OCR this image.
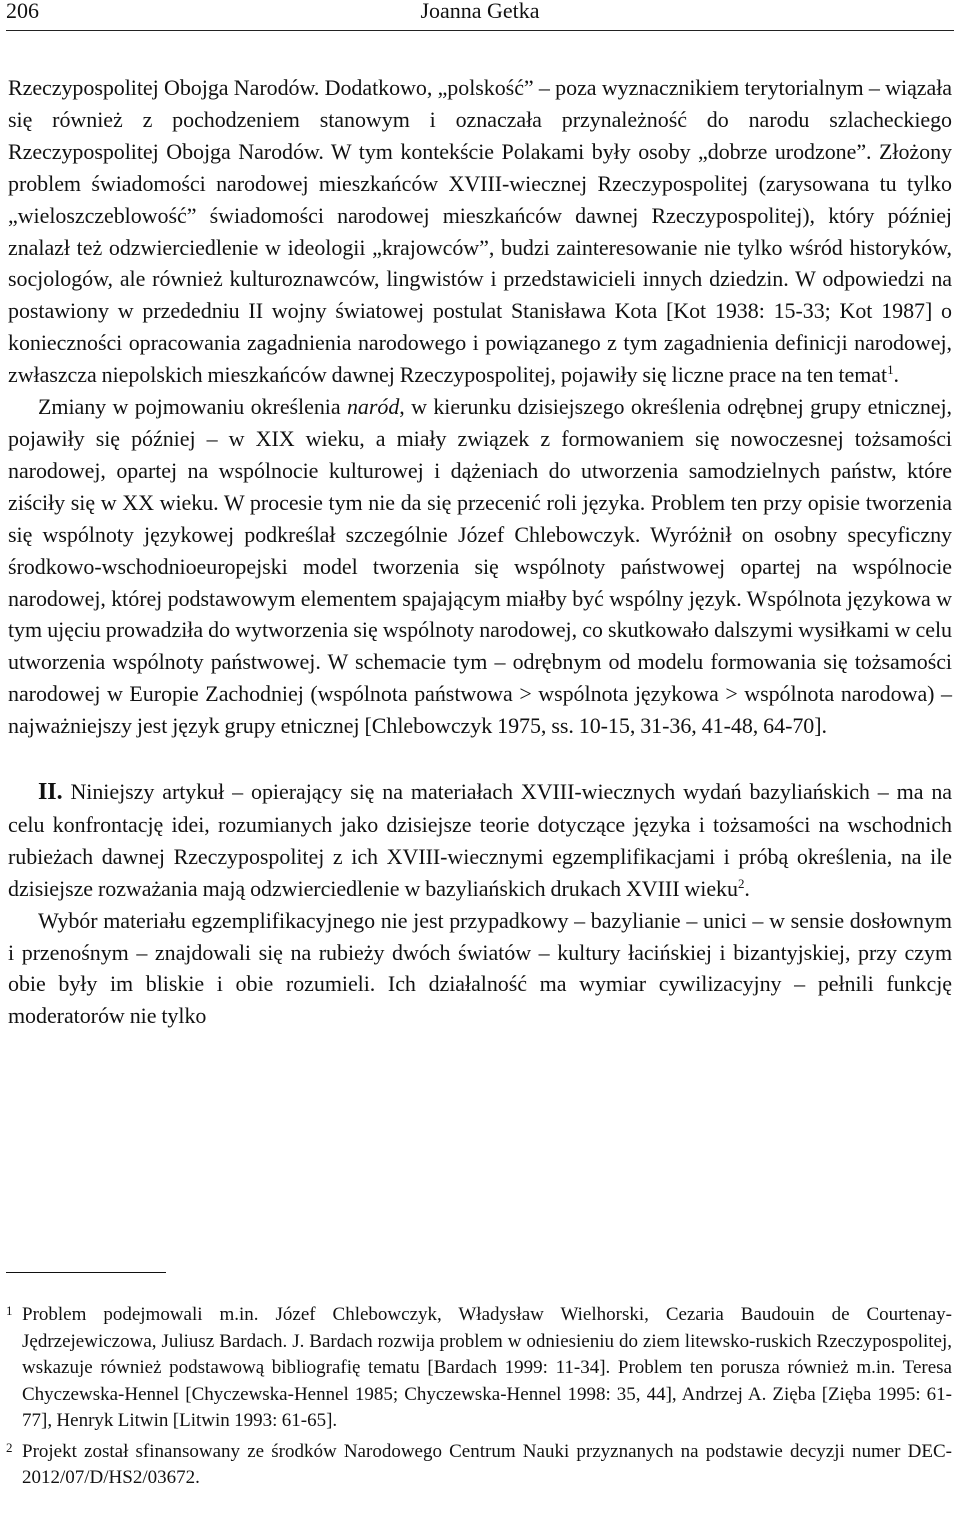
206	Joanna Getka

Rzeczypospolitej Obojga Narodów. Dodatkowo, „polskość” – poza wyznacznikiem terytorialnym – wiązała się również z pochodzeniem stanowym i oznaczała przynależność do narodu szlacheckiego Rzeczypospolitej Obojga Narodów. W tym kontekście Polakami były osoby „dobrze urodzone”. Złożony problem świadomości narodowej mieszkańców XVIII-wiecznej Rzeczypospolitej (zarysowana tu tylko „wieloszczeblowość” świadomości narodowej mieszkańców dawnej Rzeczypospolitej), który później znalazł też odzwierciedlenie w ideologii „krajowców”, budzi zainteresowanie nie tylko wśród historyków, socjologów, ale również kulturoznawców, lingwistów i przedstawicieli innych dziedzin. W odpowiedzi na postawiony w przededniu II wojny światowej postulat Stanisława Kota [Kot 1938: 15-33; Kot 1987] o konieczności opracowania zagadnienia narodowego i powiązanego z tym zagadnienia definicji narodowej, zwłaszcza niepolskich mieszkańców dawnej Rzeczypospolitej, pojawiły się liczne prace na ten temat$^1$.

Zmiany w pojmowaniu określenia naród, w kierunku dzisiejszego określenia odrębnej grupy etnicznej, pojawiły się później – w XIX wieku, a miały związek z formowaniem się nowoczesnej tożsamości narodowej, opartej na wspólnocie kulturowej i dążeniach do utworzenia samodzielnych państw, które ziściły się w XX wieku. W procesie tym nie da się przecenić roli języka. Problem ten przy opisie tworzenia się wspólnoty językowej podkreślał szczególnie Józef Chlebowczyk. Wyróżnił on osobny specyficzny środkowo-wschodnioeuropejski model tworzenia się wspólnoty państwowej opartej na wspólnocie narodowej, której podstawowym elementem spajającym miałby być wspólny język. Wspólnota językowa w tym ujęciu prowadziła do wytworzenia się wspólnoty narodowej, co skutkowało dalszymi wysiłkami w celu utworzenia wspólnoty państwowej. W schemacie tym – odrębnym od modelu formowania się tożsamości narodowej w Europie Zachodniej (wspólnota państwowa > wspólnota językowa > wspólnota narodowa) – najważniejszy jest język grupy etnicznej [Chlebowczyk 1975, ss. 10-15, 31-36, 41-48, 64-70].

II. Niniejszy artykuł – opierający się na materiałach XVIII-wiecznych wydań bazyliańskich – ma na celu konfrontację idei, rozumianych jako dzisiejsze teorie dotyczące języka i tożsamości na wschodnich rubieżach dawnej Rzeczypospolitej z ich XVIII-wiecznymi egzemplifikacjami i próbą określenia, na ile dzisiejsze rozważania mają odzwierciedlenie w bazyliańskich drukach XVIII wieku$^2$.

Wybór materiału egzemplifikacyjnego nie jest przypadkowy – bazylianie – unici – w sensie dosłownym i przenośnym – znajdowali się na rubieży dwóch światów – kultury łacińskiej i bizantyjskiej, przy czym obie były im bliskie i obie rozumieli. Ich działalność ma wymiar cywilizacyjny – pełnili funkcję moderatorów nie tylko

1 Problem podejmowali m.in. Józef Chlebowczyk, Władysław Wielhorski, Cezaria Baudouin de Courtenay-Jędrzejewiczowa, Juliusz Bardach. J. Bardach rozwija problem w odniesieniu do ziem litewsko-ruskich Rzeczypospolitej, wskazuje również podstawową bibliografię tematu [Bardach 1999: 11-34]. Problem ten porusza również m.in. Teresa Chyczewska-Hennel [Chyczewska-Hennel 1985; Chyczewska-Hennel 1998: 35, 44], Andrzej A. Zięba [Zięba 1995: 61-77], Henryk Litwin [Litwin 1993: 61-65].
2 Projekt został sfinansowany ze środków Narodowego Centrum Nauki przyznanych na podstawie decyzji numer DEC-2012/07/D/HS2/03672.
